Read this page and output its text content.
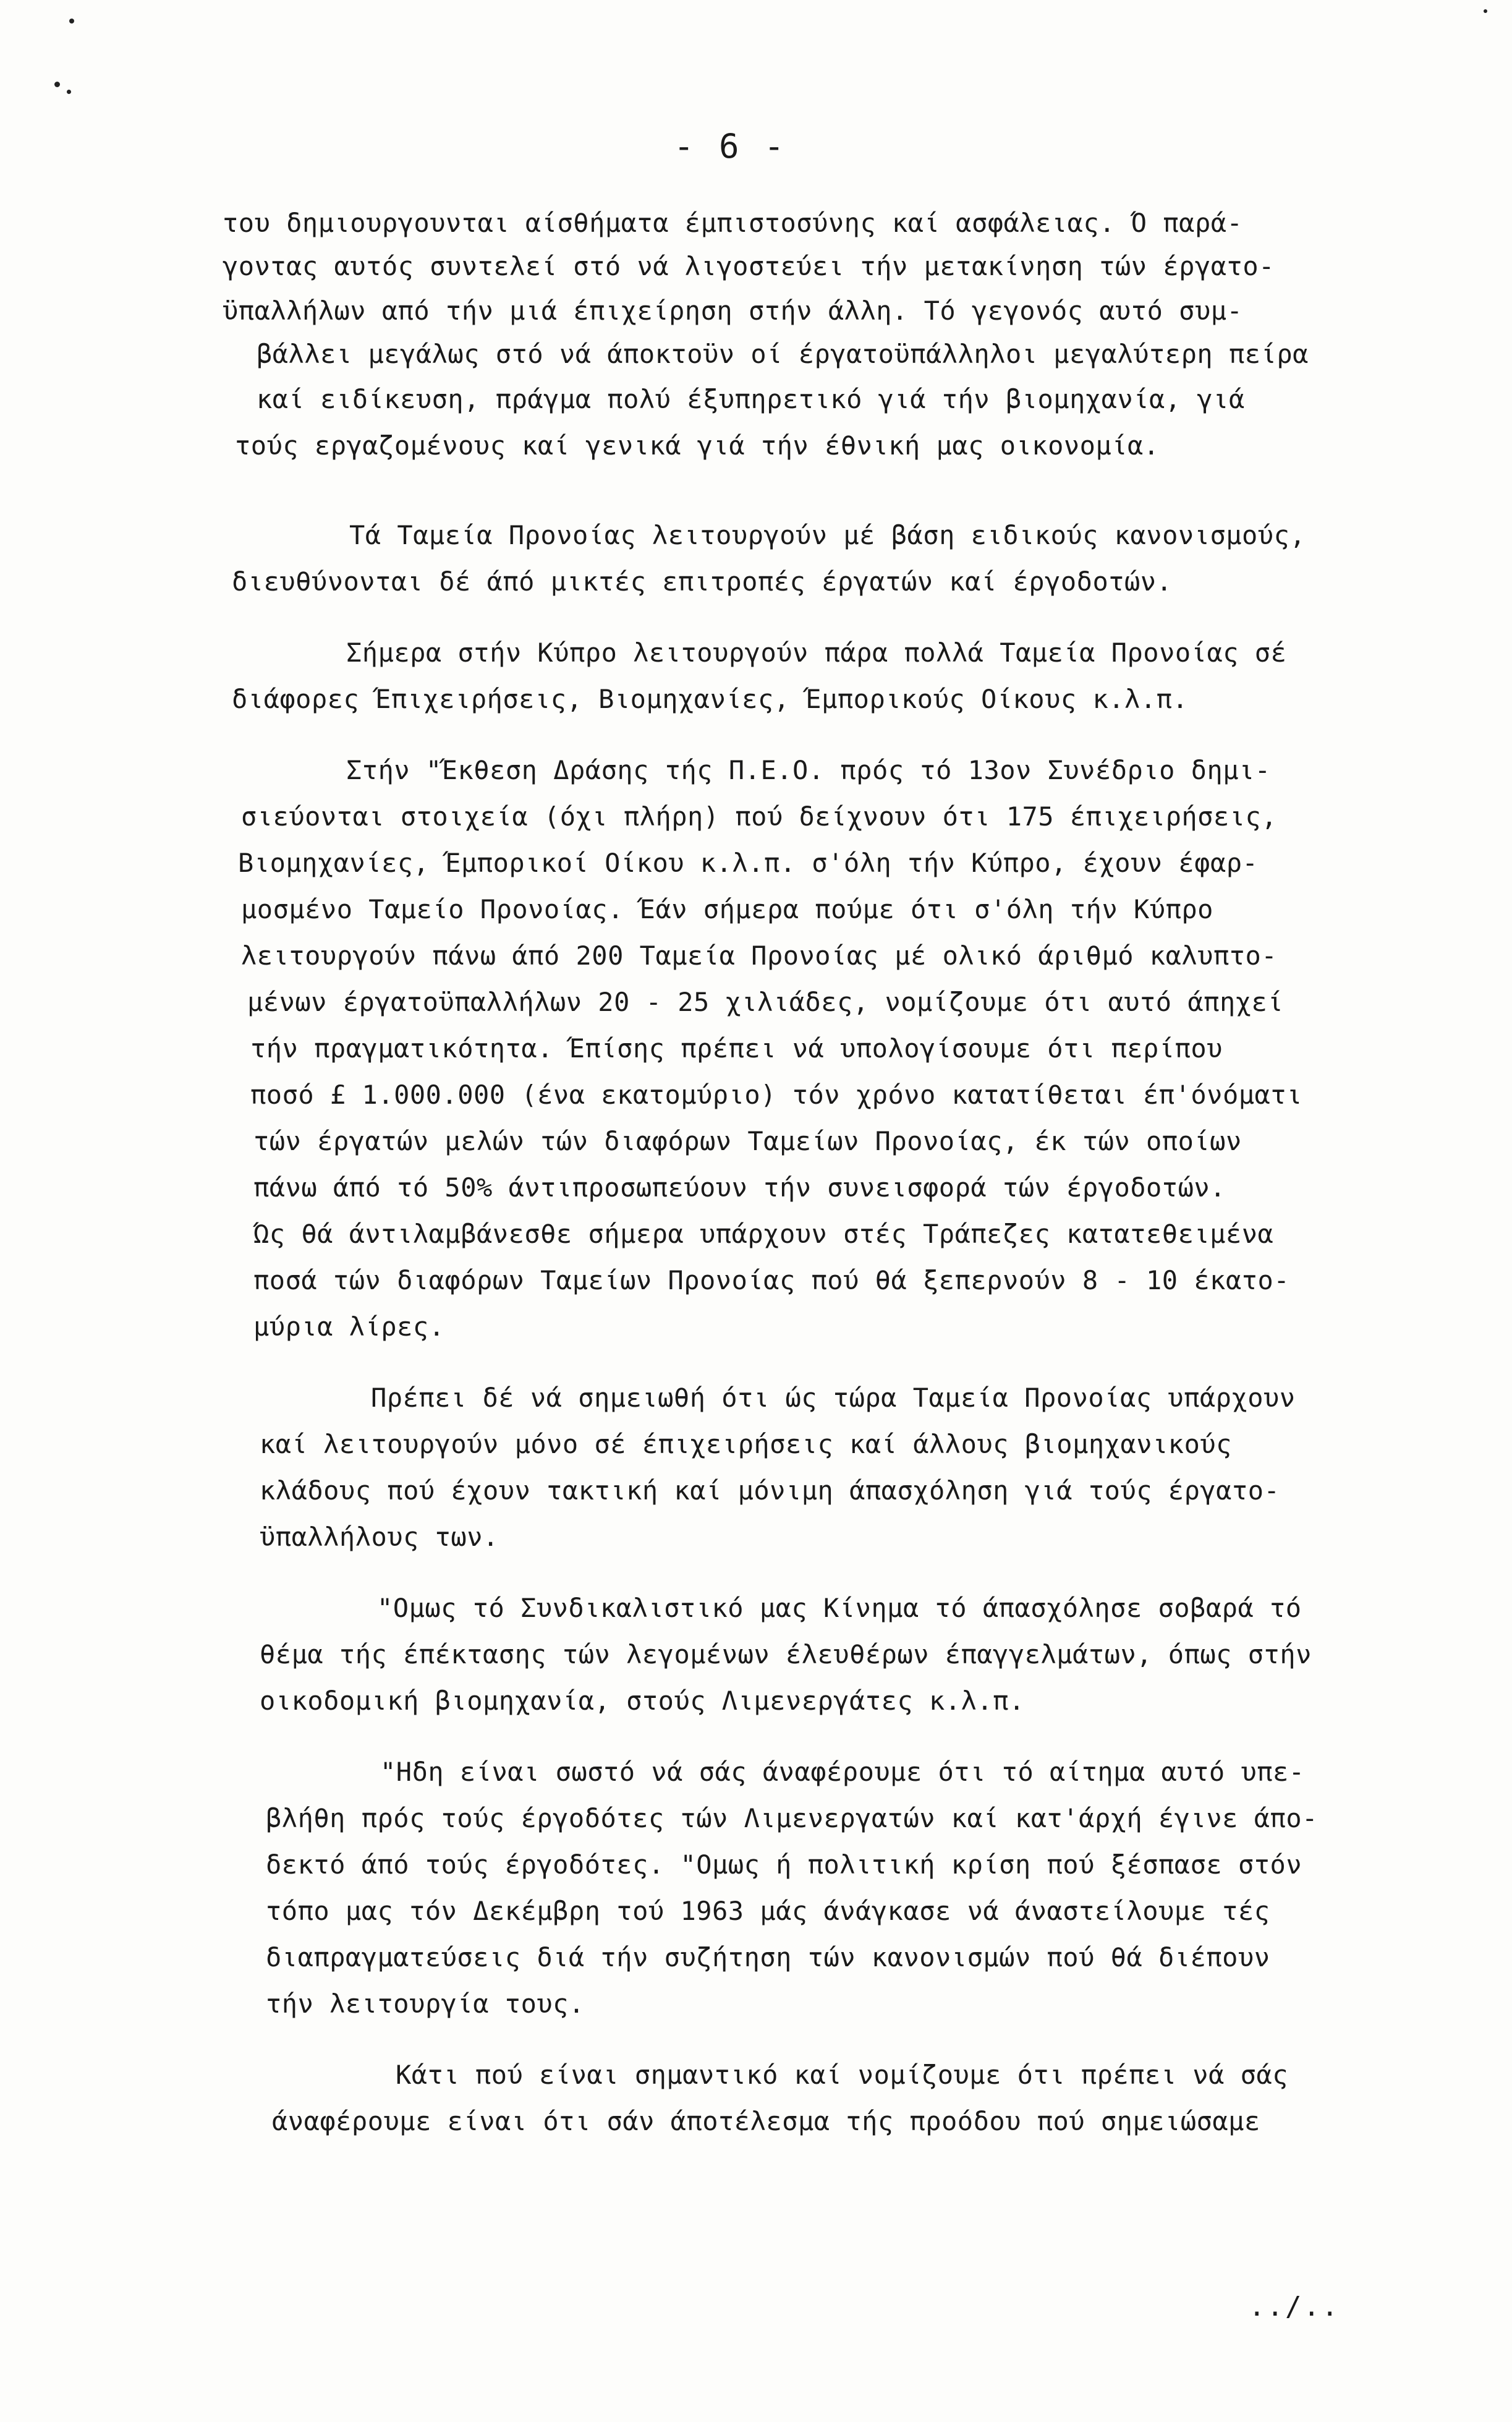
- 6 -
του δημιουργουνται αίσθήματα έμπιστοσύνης καί ασφάλειας. Ό παρά-
γοντας αυτός συντελεί στό νά λιγοστεύει τήν μετακίνηση τών έργατο-
ϋπαλλήλων από τήν μιά έπιχείρηση στήν άλλη. Τό γεγονός αυτό συμ-
βάλλει μεγάλως στό νά άποκτοϋν οί έργατοϋπάλληλοι μεγαλύτερη πείρα
καί ειδίκευση, πράγμα πολύ έξυπηρετικό γιά τήν βιομηχανία, γιά
τούς εργαζομένους καί γενικά γιά τήν έθνική μας οικονομία.
Τά Ταμεία Προνοίας λειτουργούν μέ βάση ειδικούς κανονισμούς,
διευθύνονται δέ άπό μικτές επιτροπές έργατών καί έργοδοτών.
Σήμερα στήν Κύπρο λειτουργούν πάρα πολλά Ταμεία Προνοίας σέ
διάφορες Έπιχειρήσεις, Βιομηχανίες, Έμπορικούς Οίκους κ.λ.π.
Στήν "Έκθεση Δράσης τής Π.Ε.Ο. πρός τό 13ον Συνέδριο δημι-
σιεύονται στοιχεία (όχι πλήρη) πού δείχνουν ότι 175 έπιχειρήσεις,
Βιομηχανίες, Έμπορικοί Οίκου κ.λ.π. σ'όλη τήν Κύπρο, έχουν έφαρ-
μοσμένο Ταμείο Προνοίας. Έάν σήμερα πούμε ότι σ'όλη τήν Κύπρο
λειτουργούν πάνω άπό 200 Ταμεία Προνοίας μέ ολικό άριθμό καλυπτο-
μένων έργατοϋπαλλήλων 20 - 25 χιλιάδες, νομίζουμε ότι αυτό άπηχεί
τήν πραγματικότητα. Έπίσης πρέπει νά υπολογίσουμε ότι περίπου
ποσό £ 1.000.000 (ένα εκατομύριο) τόν χρόνο κατατίθεται έπ'όνόματι
τών έργατών μελών τών διαφόρων Ταμείων Προνοίας, έκ τών οποίων
πάνω άπό τό 50% άντιπροσωπεύουν τήν συνεισφορά τών έργοδοτών.
Ώς θά άντιλαμβάνεσθε σήμερα υπάρχουν στές Τράπεζες κατατεθειμένα
ποσά τών διαφόρων Ταμείων Προνοίας πού θά ξεπερνούν 8 - 10 έκατο-
μύρια λίρες.
Πρέπει δέ νά σημειωθή ότι ώς τώρα Ταμεία Προνοίας υπάρχουν
καί λειτουργούν μόνο σέ έπιχειρήσεις καί άλλους βιομηχανικούς
κλάδους πού έχουν τακτική καί μόνιμη άπασχόληση γιά τούς έργατο-
ϋπαλλήλους των.
"Ομως τό Συνδικαλιστικό μας Κίνημα τό άπασχόλησε σοβαρά τό
θέμα τής έπέκτασης τών λεγομένων έλευθέρων έπαγγελμάτων, όπως στήν
οικοδομική βιομηχανία, στούς Λιμενεργάτες κ.λ.π.
"Ηδη είναι σωστό νά σάς άναφέρουμε ότι τό αίτημα αυτό υπε-
βλήθη πρός τούς έργοδότες τών Λιμενεργατών καί κατ'άρχή έγινε άπο-
δεκτό άπό τούς έργοδότες. "Ομως ή πολιτική κρίση πού ξέσπασε στόν
τόπο μας τόν Δεκέμβρη τού 1963 μάς άνάγκασε νά άναστείλουμε τές
διαπραγματεύσεις διά τήν συζήτηση τών κανονισμών πού θά διέπουν
τήν λειτουργία τους.
Κάτι πού είναι σημαντικό καί νομίζουμε ότι πρέπει νά σάς
άναφέρουμε είναι ότι σάν άποτέλεσμα τής προόδου πού σημειώσαμε
../..
